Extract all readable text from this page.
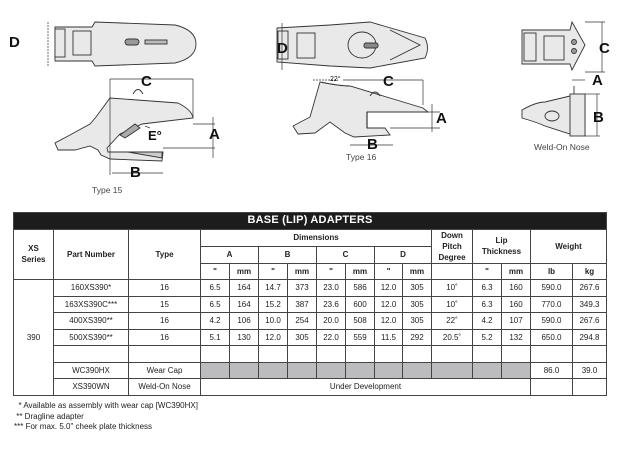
D
C
E°	A
B
Type 15
D
22°	C
A
B
Type 16
C
A
B
Weld-On Nose
BASE (LIP) ADAPTERS															
XS Series	Part Number	Type	Dimensions								Down Pitch Degree	Lip Thickness		Weight	
			A		B		C		D						
			"	mm	"	mm	"	mm	"	mm		"	mm	lb	kg
390	160XS390*	16	6.5	164	14.7	373	23.0	586	12.0	305	10˚	6.3	160	590.0	267.6
	163XS390C***	15	6.5	164	15.2	387	23.6	600	12.0	305	10˚	6.3	160	770.0	349.3
	400XS390**	16	4.2	106	10.0	254	20.0	508	12.0	305	22˚	4.2	107	590.0	267.6
	500XS390**	16	5.1	130	12.0	305	22.0	559	11.5	292	20.5˚	5.2	132	650.0	294.8

	WC390HX	Wear Cap												86.0	39.0
	XS390WN	Weld-On Nose	Under Development												
* Available as assembly with wear cap [WC390HX]
** Dragline adapter
*** For max. 5.0" cheek plate thickness
